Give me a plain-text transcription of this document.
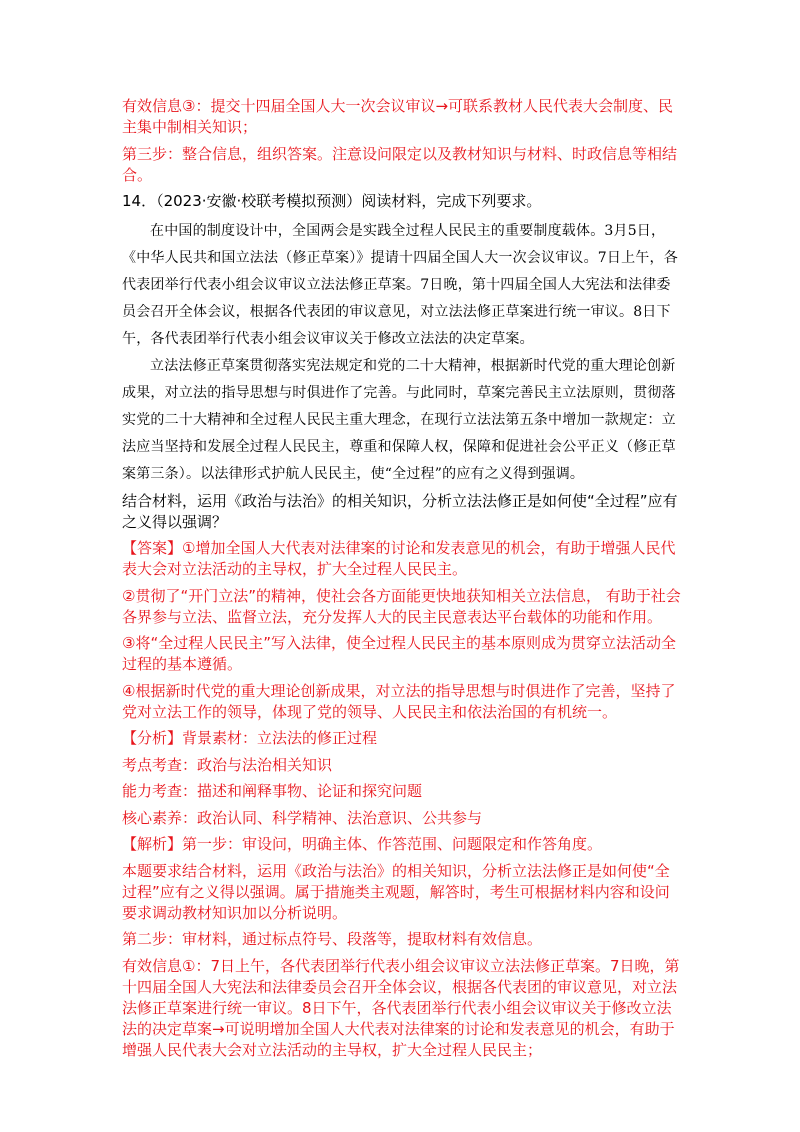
有效信息③：提交十四届全国人大一次会议审议→可联系教材人民代表大会制度、民主集中制相关知识；

第三步：整合信息，组织答案。注意设问限定以及教材知识与材料、时政信息等相结合。

14．（2023·安徽·校联考模拟预测）阅读材料，完成下列要求。

在中国的制度设计中，全国两会是实践全过程人民民主的重要制度载体。3月5日，《中华人民共和国立法法（修正草案）》提请十四届全国人大一次会议审议。7日上午，各代表团举行代表小组会议审议立法法修正草案。7日晚，第十四届全国人大宪法和法律委员会召开全体会议，根据各代表团的审议意见，对立法法修正草案进行统一审议。8日下午，各代表团举行代表小组会议审议关于修改立法法的决定草案。

立法法修正草案贯彻落实宪法规定和党的二十大精神，根据新时代党的重大理论创新成果，对立法的指导思想与时俱进作了完善。与此同时，草案完善民主立法原则，贯彻落实党的二十大精神和全过程人民民主重大理念，在现行立法法第五条中增加一款规定：立法应当坚持和发展全过程人民民主，尊重和保障人权，保障和促进社会公平正义（修正草案第三条）。以法律形式护航人民民主，使“全过程”的应有之义得到强调。

结合材料，运用《政治与法治》的相关知识，分析立法法修正是如何使“全过程”应有之义得以强调？

【答案】①增加全国人大代表对法律案的讨论和发表意见的机会，有助于增强人民代表大会对立法活动的主导权，扩大全过程人民民主。

②贯彻了“开门立法”的精神，使社会各方面能更快地获知相关立法信息， 有助于社会各界参与立法、监督立法，充分发挥人大的民主民意表达平台载体的功能和作用。

③将“全过程人民民主”写入法律，使全过程人民民主的基本原则成为贯穿立法活动全过程的基本遵循。

④根据新时代党的重大理论创新成果，对立法的指导思想与时俱进作了完善，坚持了党对立法工作的领导，体现了党的领导、人民民主和依法治国的有机统一。

【分析】背景素材：立法法的修正过程

考点考查：政治与法治相关知识

能力考查：描述和阐释事物、论证和探究问题

核心素养：政治认同、科学精神、法治意识、公共参与

【解析】第一步：审设问，明确主体、作答范围、问题限定和作答角度。

本题要求结合材料，运用《政治与法治》的相关知识，分析立法法修正是如何使“全过程”应有之义得以强调。属于措施类主观题，解答时，考生可根据材料内容和设问要求调动教材知识加以分析说明。

第二步：审材料，通过标点符号、段落等，提取材料有效信息。

有效信息①：7日上午，各代表团举行代表小组会议审议立法法修正草案。7日晚，第十四届全国人大宪法和法律委员会召开全体会议，根据各代表团的审议意见，对立法法修正草案进行统一审议。8日下午，各代表团举行代表小组会议审议关于修改立法法的决定草案→可说明增加全国人大代表对法律案的讨论和发表意见的机会，有助于增强人民代表大会对立法活动的主导权，扩大全过程人民民主；
